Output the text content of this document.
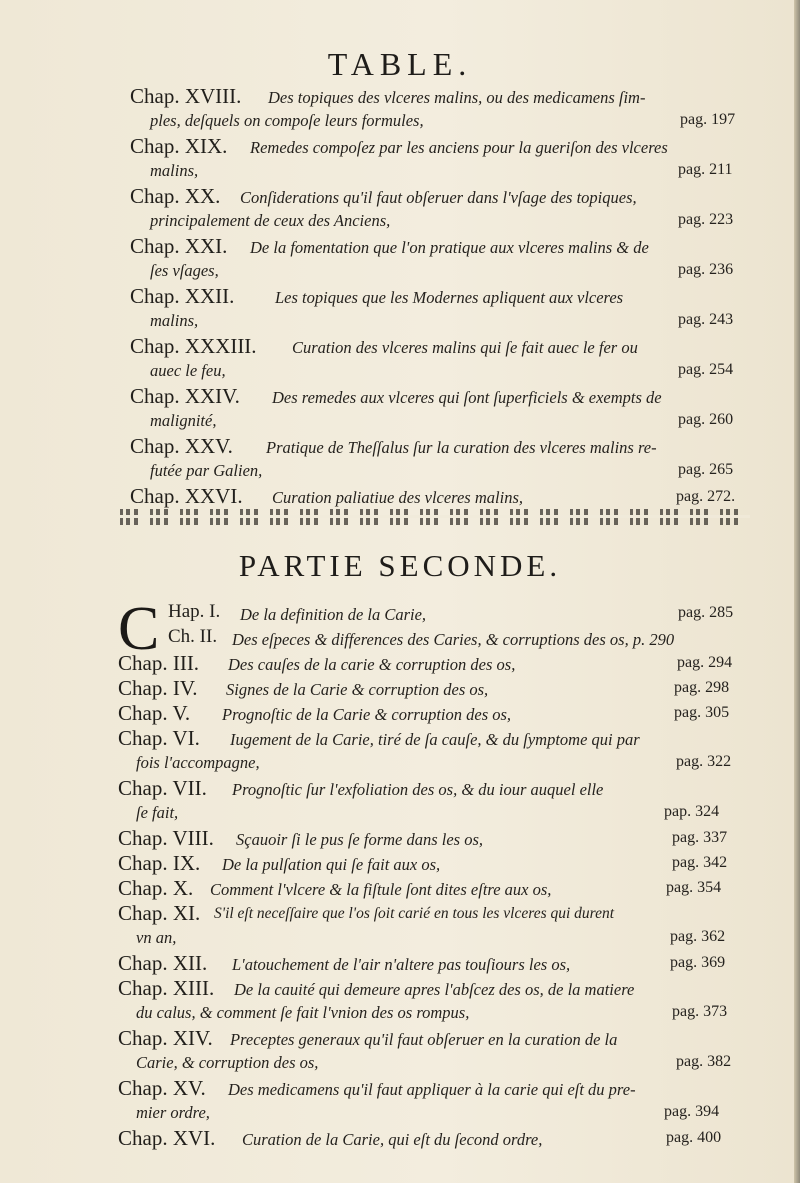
TABLE.
Chap. XVIII. Des topiques des vlceres malins, ou des medicamens ſim-
ples, deſquels on compoſe leurs formules,	pag. 197
Chap. XIX. Remedes compoſez par les anciens pour la gueriſon des vlceres
malins,	pag. 211
Chap. XX. Conſiderations qu'il faut obſeruer dans l'vſage des topiques,
principalement de ceux des Anciens,	pag. 223
Chap. XXI. De la fomentation que l'on pratique aux vlceres malins & de
ſes vſages,	pag. 236
Chap. XXII. Les topiques que les Modernes apliquent aux vlceres
malins,	pag. 243
Chap. XXXIII. Curation des vlceres malins qui ſe fait auec le fer ou
auec le feu,	pag. 254
Chap. XXIV. Des remedes aux vlceres qui ſont ſuperficiels & exempts de
malignité,	pag. 260
Chap. XXV. Pratique de Theſſalus ſur la curation des vlceres malins re-
futée par Galien,	pag. 265
Chap. XXVI. Curation paliatiue des vlceres malins,	pag. 272.
PARTIE SECONDE.
C Hap. I. De la definition de la Carie,	pag. 285
Ch. II. Des eſpeces & differences des Caries, & corruptions des os, p. 290
Chap. III. Des cauſes de la carie & corruption des os,	pag. 294
Chap. IV. Signes de la Carie & corruption des os,	pag. 298
Chap. V. Prognoſtic de la Carie & corruption des os,	pag. 305
Chap. VI. Iugement de la Carie, tiré de ſa cauſe, & du ſymptome qui par
fois l'accompagne,	pag. 322
Chap. VII. Prognoſtic ſur l'exfoliation des os, & du iour auquel elle
ſe fait,	pap. 324
Chap. VIII. Sçauoir ſi le pus ſe forme dans les os,	pag. 337
Chap. IX. De la pulſation qui ſe fait aux os,	pag. 342
Chap. X. Comment l'vlcere & la fiſtule ſont dites eſtre aux os,	pag. 354
Chap. XI. S'il eſt neceſſaire que l'os ſoit carié en tous les vlceres qui durent
vn an,	pag. 362
Chap. XII. L'atouchement de l'air n'altere pas touſiours les os,	pag. 369
Chap. XIII. De la cauité qui demeure apres l'abſcez des os, de la matiere
du calus, & comment ſe fait l'vnion des os rompus,	pag. 373
Chap. XIV. Preceptes generaux qu'il faut obſeruer en la curation de la
Carie, & corruption des os,	pag. 382
Chap. XV. Des medicamens qu'il faut appliquer à la carie qui eſt du pre-
mier ordre,	pag. 394
Chap. XVI. Curation de la Carie, qui eſt du ſecond ordre,	pag. 400
